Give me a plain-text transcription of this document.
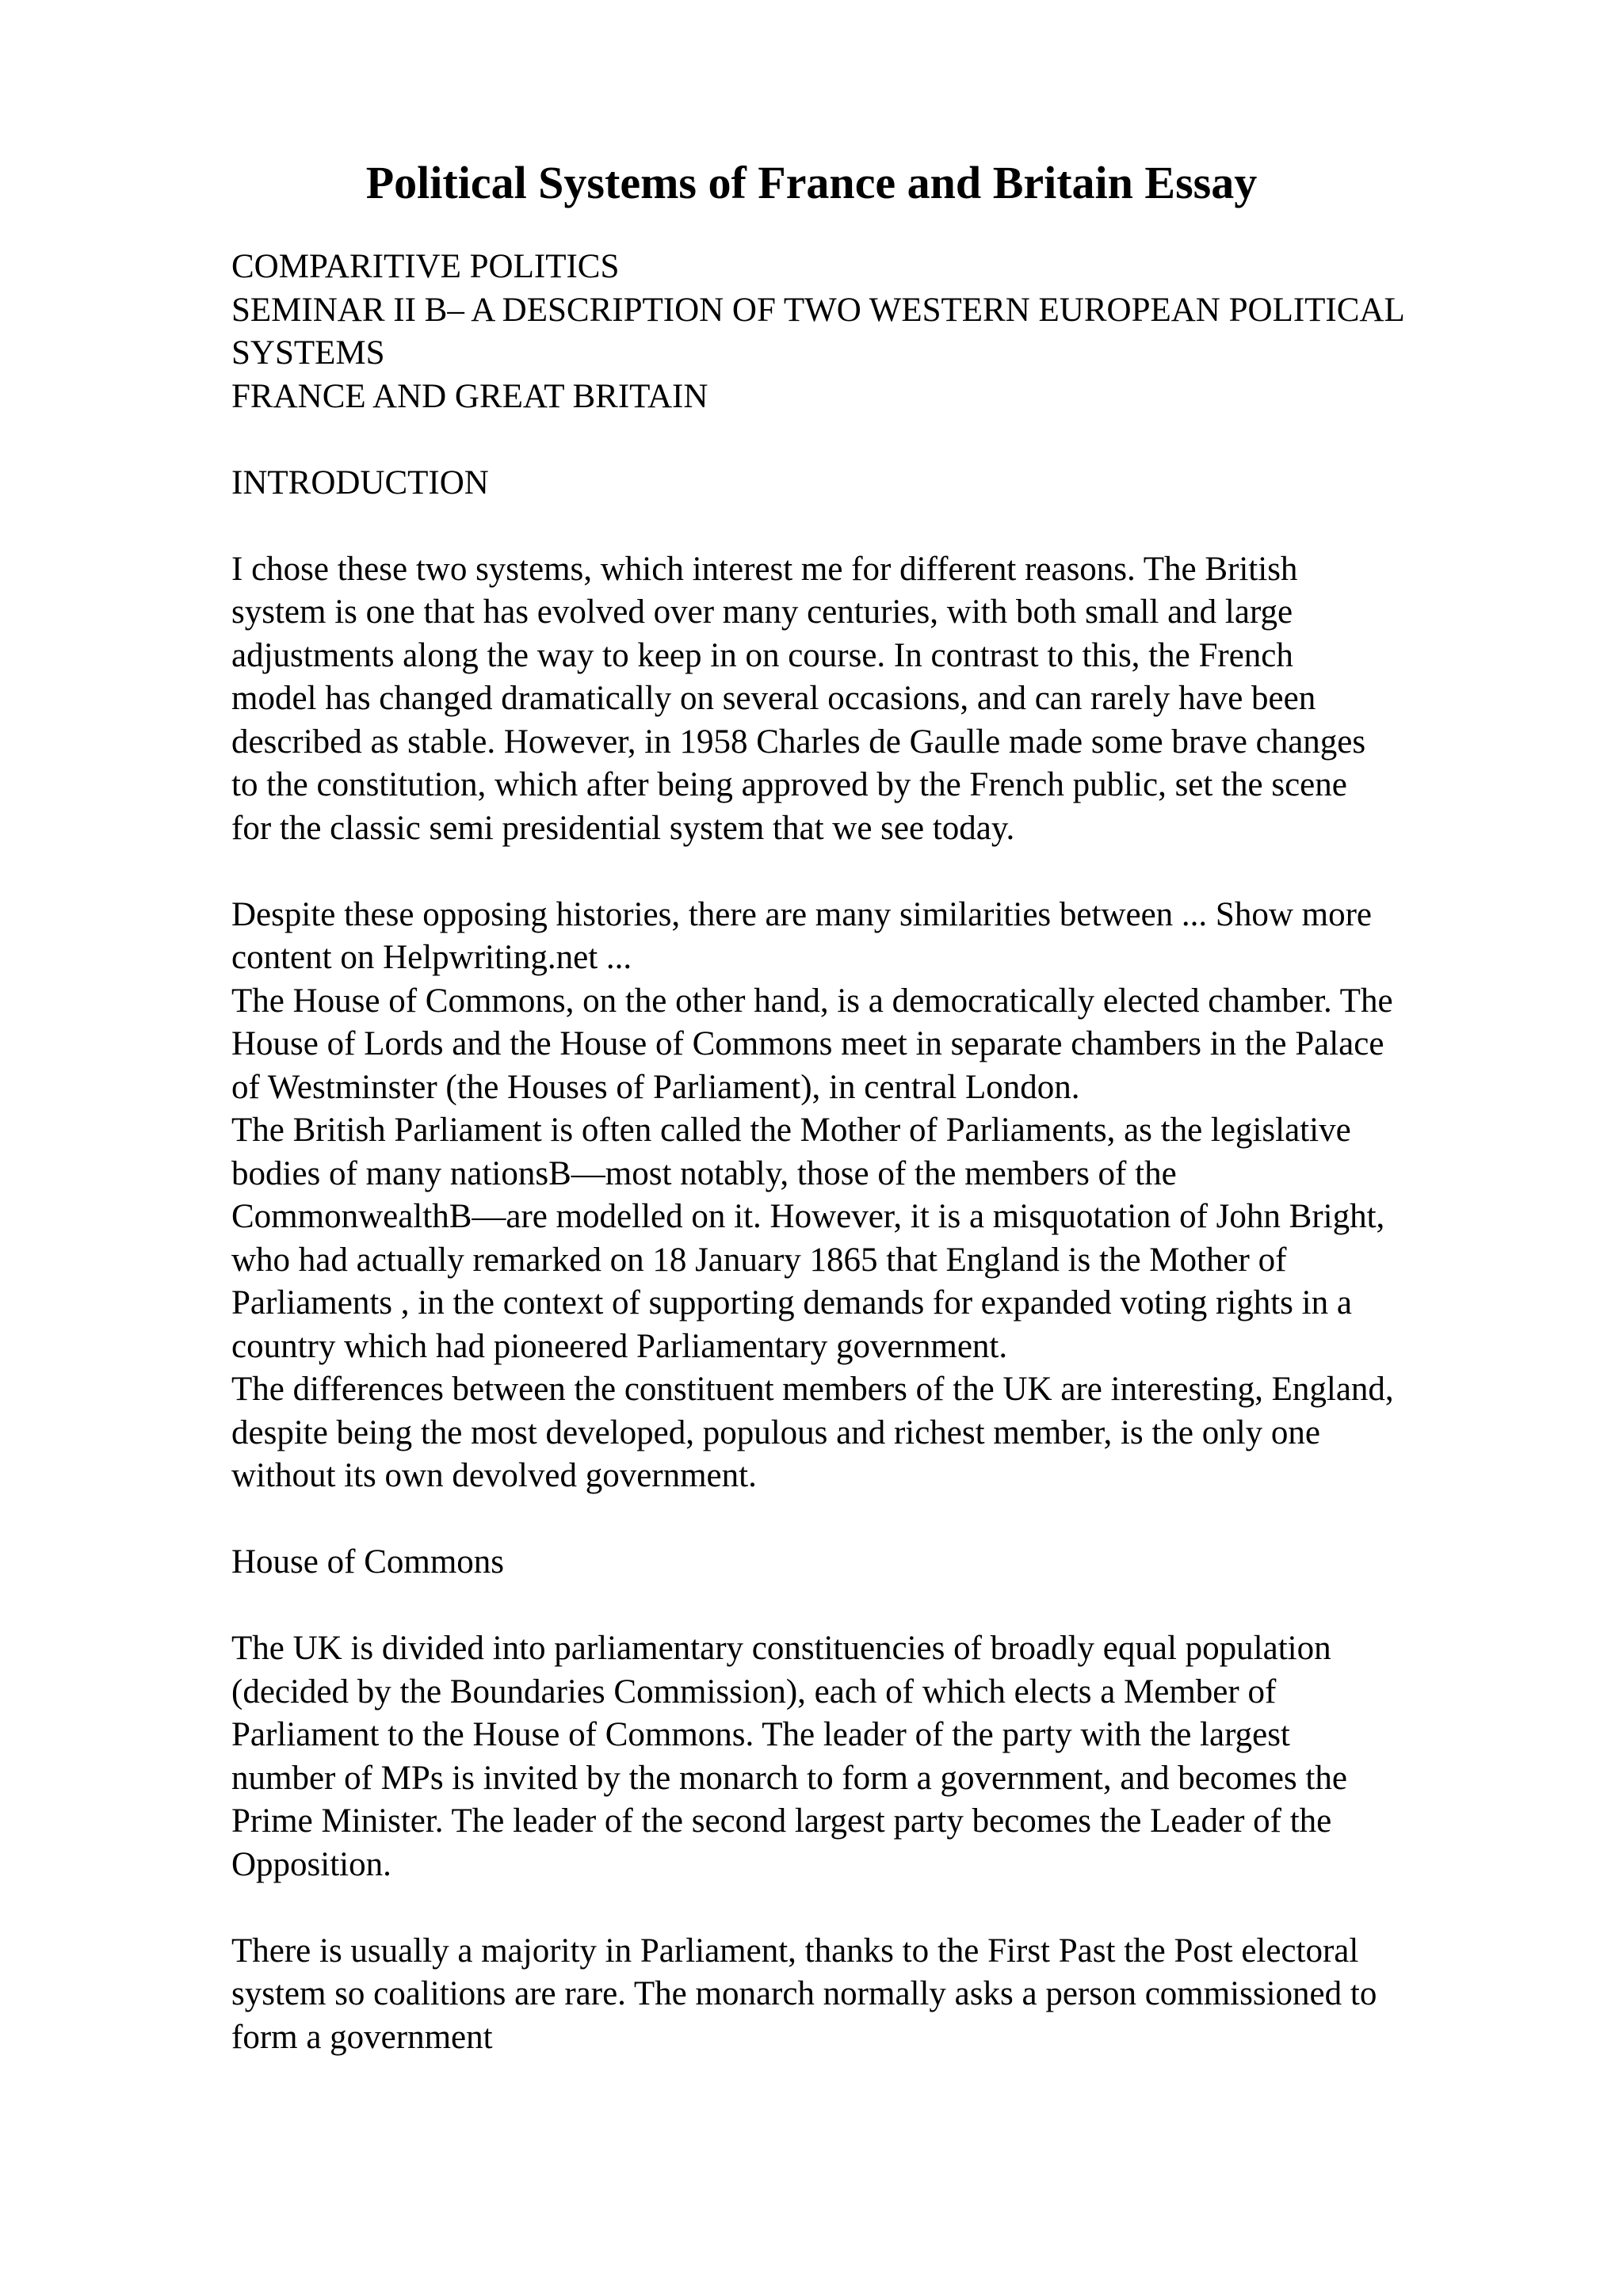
Political Systems of France and Britain Essay
COMPARITIVE POLITICS
SEMINAR II B– A DESCRIPTION OF TWO WESTERN EUROPEAN POLITICAL
SYSTEMS
FRANCE AND GREAT BRITAIN
INTRODUCTION
I chose these two systems, which interest me for different reasons. The British
system is one that has evolved over many centuries, with both small and large
adjustments along the way to keep in on course. In contrast to this, the French
model has changed dramatically on several occasions, and can rarely have been
described as stable. However, in 1958 Charles de Gaulle made some brave changes
to the constitution, which after being approved by the French public, set the scene
for the classic semi presidential system that we see today.
Despite these opposing histories, there are many similarities between ... Show more
content on Helpwriting.net ...
The House of Commons, on the other hand, is a democratically elected chamber. The
House of Lords and the House of Commons meet in separate chambers in the Palace
of Westminster (the Houses of Parliament), in central London.
The British Parliament is often called the Mother of Parliaments, as the legislative
bodies of many nationsB—most notably, those of the members of the
CommonwealthB—are modelled on it. However, it is a misquotation of John Bright,
who had actually remarked on 18 January 1865 that England is the Mother of
Parliaments , in the context of supporting demands for expanded voting rights in a
country which had pioneered Parliamentary government.
The differences between the constituent members of the UK are interesting, England,
despite being the most developed, populous and richest member, is the only one
without its own devolved government.
House of Commons
The UK is divided into parliamentary constituencies of broadly equal population
(decided by the Boundaries Commission), each of which elects a Member of
Parliament to the House of Commons. The leader of the party with the largest
number of MPs is invited by the monarch to form a government, and becomes the
Prime Minister. The leader of the second largest party becomes the Leader of the
Opposition.
There is usually a majority in Parliament, thanks to the First Past the Post electoral
system so coalitions are rare. The monarch normally asks a person commissioned to
form a government
